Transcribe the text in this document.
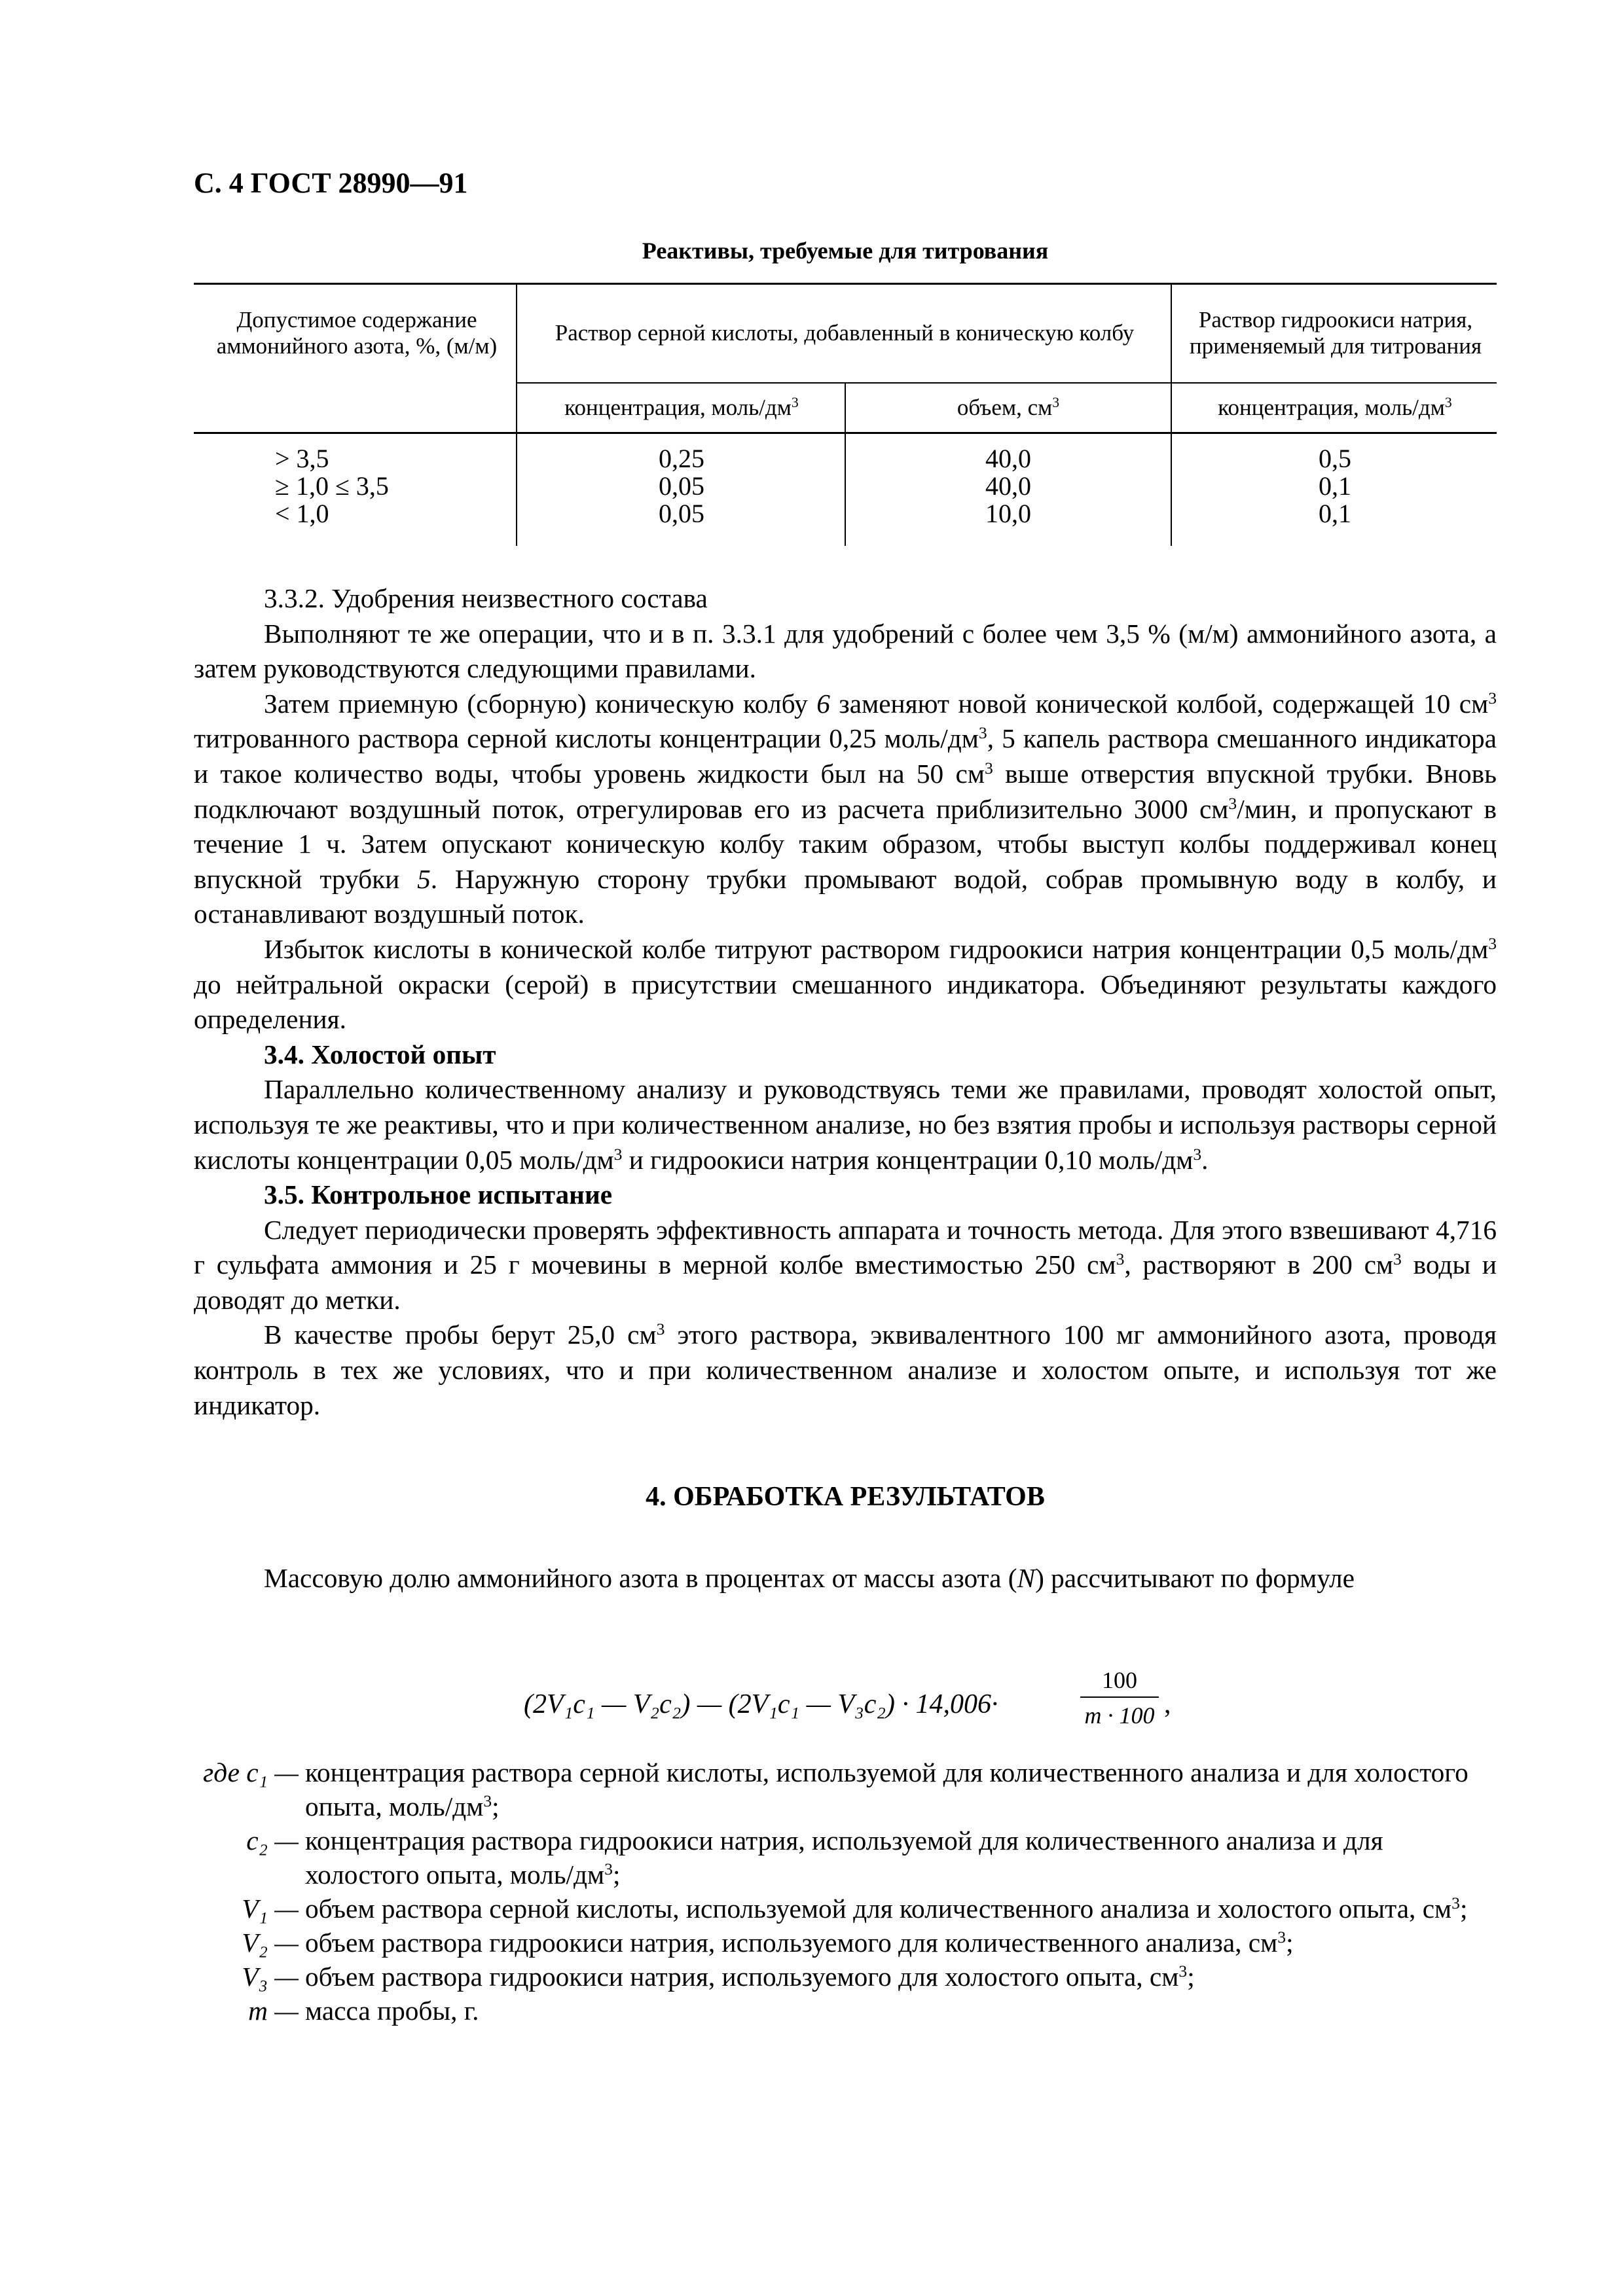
С. 4 ГОСТ 28990—91
Реактивы, требуемые для титрования
Допустимое содержание аммонийного азота, %, (м/м)
Раствор серной кислоты, добавленный в коническую колбу
Раствор гидроокиси натрия, применяемый для титрования
концентрация, моль/$дм^3$	объем, $см^3$	концентрация, моль/$дм^3$
> 3,5
≥ 1,0 ≤ 3,5
< 1,0
0,25
0,05
0,05
40,0
40,0
10,0
0,5
0,1
0,1

3.3.2. Удобрения неизвестного состава

Выполняют те же операции, что и в п. 3.3.1 для удобрений с более чем 3,5 % (м/м) аммонийного азота, а затем руководствуются следующими правилами.

Затем приемную (сборную) коническую колбу 6 заменяют новой конической колбой, содержащей 10 $см^3$ титрованного раствора серной кислоты концентрации 0,25 моль/$дм^3$, 5 капель раствора смешанного индикатора и такое количество воды, чтобы уровень жидкости был на 50 $см^3$ выше отверстия впускной трубки. Вновь подключают воздушный поток, отрегулировав его из расчета приблизительно 3000 $см^3$/мин, и пропускают в течение 1 ч. Затем опускают коническую колбу таким образом, чтобы выступ колбы поддерживал конец впускной трубки 5. Наружную сторону трубки промывают водой, собрав промывную воду в колбу, и останавливают воздушный поток.

Избыток кислоты в конической колбе титруют раствором гидроокиси натрия концентрации 0,5 моль/$дм^3$ до нейтральной окраски (серой) в присутствии смешанного индикатора. Объединяют результаты каждого определения.

3.4. Холостой опыт

Параллельно количественному анализу и руководствуясь теми же правилами, проводят холостой опыт, используя те же реактивы, что и при количественном анализе, но без взятия пробы и используя растворы серной кислоты концентрации 0,05 моль/$дм^3$ и гидроокиси натрия концентрации 0,10 моль/$дм^3$.

3.5. Контрольное испытание

Следует периодически проверять эффективность аппарата и точность метода. Для этого взвешивают 4,716 г сульфата аммония и 25 г мочевины в мерной колбе вместимостью 250 $см^3$, растворяют в 200 $см^3$ воды и доводят до метки.

В качестве пробы берут 25,0 $см^3$ этого раствора, эквивалентного 100 мг аммонийного азота, проводя контроль в тех же условиях, что и при количественном анализе и холостом опыте, и используя тот же индикатор.

4. ОБРАБОТКА РЕЗУЛЬТАТОВ

Массовую долю аммонийного азота в процентах от массы азота (N) рассчитывают по формуле

(2V₁c₁ — V₂c₂) — (2V₁c₁ — V₃c₂) · 14,006·
100
m · 100 ,
где c₁ — концентрация раствора серной кислоты, используемой для количественного анализа и для холостого опыта, моль/$дм^3$;
c₂ — концентрация раствора гидроокиси натрия, используемой для количественного анализа и для холостого опыта, моль/$дм^3$;
V₁ — объем раствора серной кислоты, используемой для количественного анализа и холостого опыта, $см^3$;
V₂ — объем раствора гидроокиси натрия, используемого для количественного анализа, $см^3$;
V₃ — объем раствора гидроокиси натрия, используемого для холостого опыта, $см^3$;
m — масса пробы, г.
